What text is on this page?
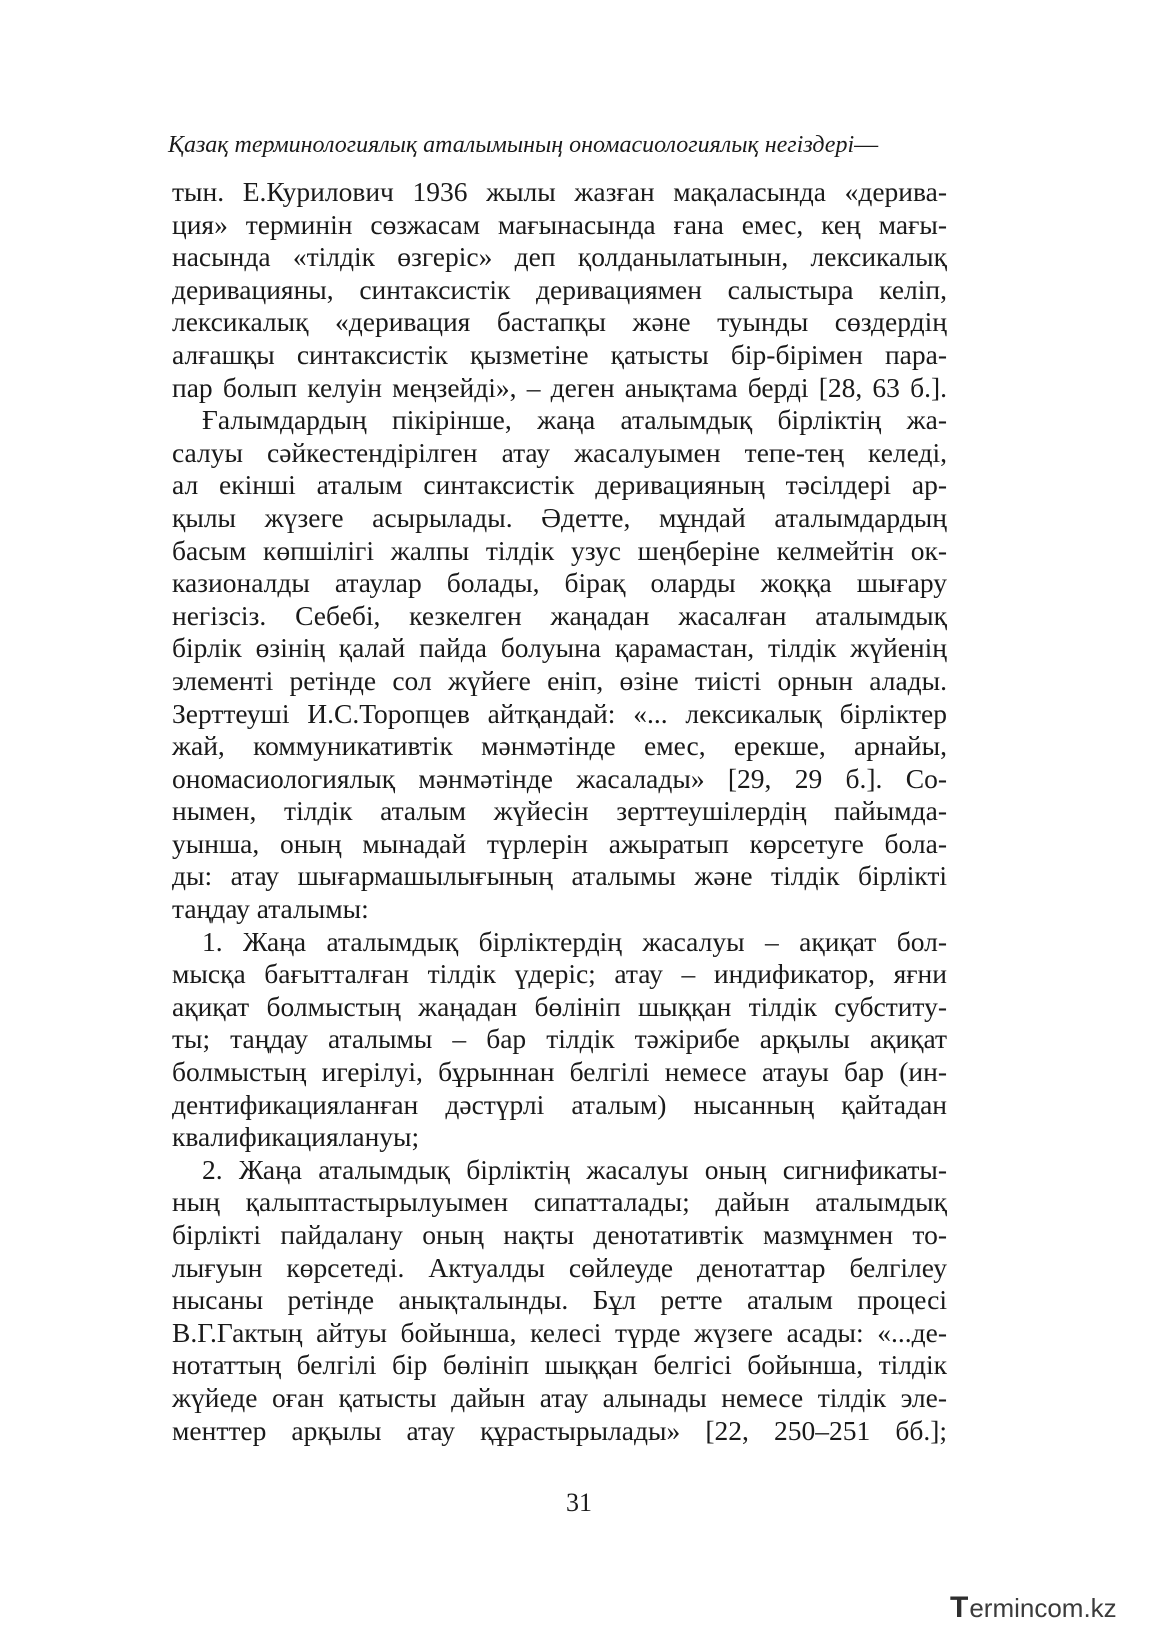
Қазақ терминологиялық аталымының ономасиологиялық негіздері—
тын. Е.Курилович 1936 жылы жазған мақаласында «дерива-
ция» терминін сөзжасам мағынасында ғана емес, кең мағы-
насында «тілдік өзгеріс» деп қолданылатынын, лексикалық
деривацияны, синтаксистік деривациямен салыстыра келіп,
лексикалық «деривация бастапқы және туынды сөздердің
алғашқы синтаксистік қызметіне қатысты бір-бірімен пара-
пар болып келуін меңзейді», – деген анықтама берді [28, 63 б.].
Ғалымдардың пікірінше, жаңа аталымдық бірліктің жа-
салуы сәйкестендірілген атау жасалуымен тепе-тең келеді,
ал екінші аталым синтаксистік деривацияның тәсілдері ар-
қылы жүзеге асырылады. Әдетте, мұндай аталымдардың
басым көпшілігі жалпы тілдік узус шеңберіне келмейтін ок-
казионалды атаулар болады, бірақ оларды жоққа шығару
негізсіз. Себебі, кезкелген жаңадан жасалған аталымдық
бірлік өзінің қалай пайда болуына қарамастан, тілдік жүйенің
элементі ретінде сол жүйеге еніп, өзіне тиісті орнын алады.
Зерттеуші И.С.Торопцев айтқандай: «... лексикалық бірліктер
жай, коммуникативтік мәнмәтінде емес, ерекше, арнайы,
ономасиологиялық мәнмәтінде жасалады» [29, 29 б.]. Со-
нымен, тілдік аталым жүйесін зерттеушілердің пайымда-
уынша, оның мынадай түрлерін ажыратып көрсетуге бола-
ды: атау шығармашылығының аталымы және тілдік бірлікті
таңдау аталымы:
1. Жаңа аталымдық бірліктердің жасалуы – ақиқат бол-
мысқа бағытталған тілдік үдеріс; атау – индификатор, яғни
ақиқат болмыстың жаңадан бөлініп шыққан тілдік субститу-
ты; таңдау аталымы – бар тілдік тәжірибе арқылы ақиқат
болмыстың игерілуі, бұрыннан белгілі немесе атауы бар (ин-
дентификацияланған дәстүрлі аталым) нысанның қайтадан
квалификациялануы;
2. Жаңа аталымдық бірліктің жасалуы оның сигнификаты-
ның қалыптастырылуымен сипатталады; дайын аталымдық
бірлікті пайдалану оның нақты денотативтік мазмұнмен то-
лығуын көрсетеді. Актуалды сөйлеуде денотаттар белгілеу
нысаны ретінде анықталынды. Бұл ретте аталым процесі
В.Г.Гактың айтуы бойынша, келесі түрде жүзеге асады: «...де-
нотаттың белгілі бір бөлініп шыққан белгісі бойынша, тілдік
жүйеде оған қатысты дайын атау алынады немесе тілдік эле-
менттер арқылы атау құрастырылады» [22, 250–251 бб.];
31
T ermincom.kz
